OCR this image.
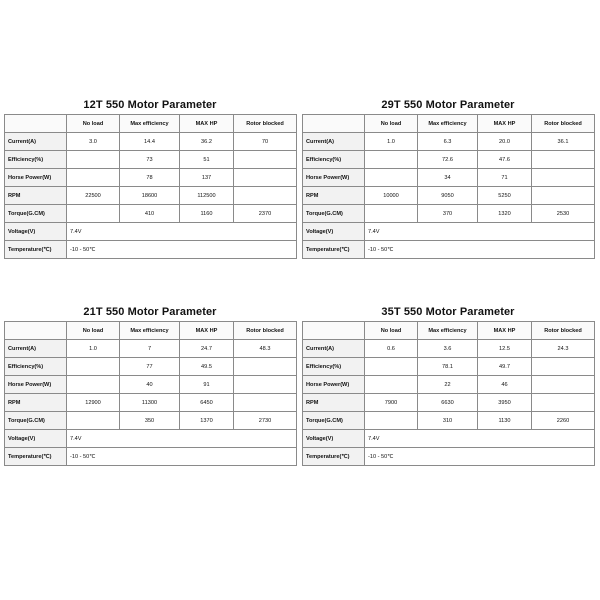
12T 550 Motor Parameter
	No load	Max efficiency	MAX HP	Rotor blocked
Current(A)	3.0	14.4	36.2	70
Efficiency(%)		73	51	
Horse Power(W)		78	137	
RPM	22500	18600	112500	
Torque(G.CM)		410	1160	2370
Voltage(V)	7.4V			
Temperature(℃)	-10 - 50℃			
29T 550 Motor Parameter
	No load	Max efficiency	MAX HP	Rotor blocked
Current(A)	1.0	6.3	20.0	36.1
Efficiency(%)		72.6	47.6	
Horse Power(W)		34	71	
RPM	10000	9050	5250	
Torque(G.CM)		370	1320	2530
Voltage(V)	7.4V			
Temperature(℃)	-10 - 50℃			
21T 550 Motor Parameter
	No load	Max efficiency	MAX HP	Rotor blocked
Current(A)	1.0	7	24.7	48.3
Efficiency(%)		77	49.5	
Horse Power(W)		40	91	
RPM	12900	11300	6450	
Torque(G.CM)		350	1370	2730
Voltage(V)	7.4V			
Temperature(℃)	-10 - 50℃			
35T 550 Motor Parameter
	No load	Max efficiency	MAX HP	Rotor blocked
Current(A)	0.6	3.6	12.5	24.3
Efficiency(%)		78.1	49.7	
Horse Power(W)		22	46	
RPM	7900	6630	3950	
Torque(G.CM)		310	1130	2260
Voltage(V)	7.4V			
Temperature(℃)	-10 - 50℃			
